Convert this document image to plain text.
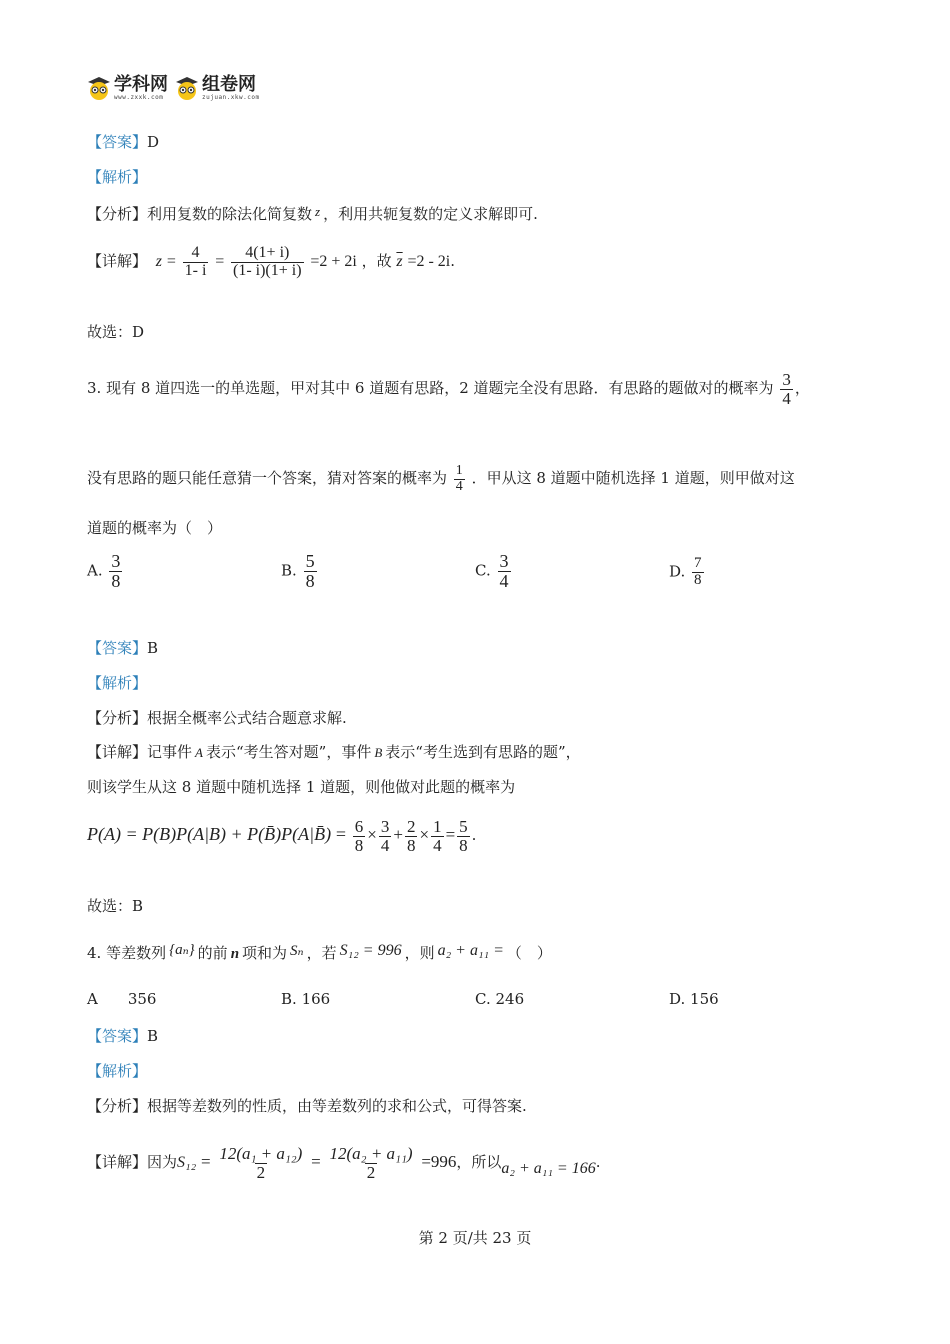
学科网
www.zxxk.com
组卷网
zujuan.xkw.com
【答案】D
【解析】
【分析】利用复数的除法化简复数 z ，利用共轭复数的定义求解即可.
【详解】 $z = \frac{4}{1- i} = \frac{4(1+ i)}{(1- i)(1+ i)} =2 + 2i$ ，故 $\overline{z} =2 - 2i$.
故选：D
3. 现有 8 道四选一的单选题，甲对其中 6 道题有思路，2 道题完全没有思路．有思路的题做对的概率为 $\frac{3}{4}$ ，
没有思路的题只能任意猜一个答案，猜对答案的概率为 $\frac{1}{4}$ ．甲从这 8 道题中随机选择 1 道题，则甲做对这
道题的概率为（　）
A. $\frac{3}{8}$	B. $\frac{5}{8}$	C. $\frac{3}{4}$	D. $\frac{7}{8}$
【答案】B
【解析】
【分析】根据全概率公式结合题意求解.
【详解】记事件 A 表示“考生答对题”，事件 B 表示“考生选到有思路的题”，
则该学生从这 8 道题中随机选择 1 道题，则他做对此题的概率为
P(A) = P(B)P(A|B) + P(B̄)P(A|B̄) = $\frac{6}{8} \times \frac{3}{4} + \frac{2}{8} \times \frac{1}{4} = \frac{5}{8}$ .
故选：B
4. 等差数列 {aₙ} 的前 n 项和为 Sₙ ，若 S₁₂ = 996 ，则 a₂ + a₁₁ = （　）
A 356	B. 166	C. 246	D. 156
【答案】B
【解析】
【分析】根据等差数列的性质，由等差数列的求和公式，可得答案.
【详解】因为$S_{12} = \frac{\text{12(a₁ + a₁₂)}}{2} = \frac{\text{12(a₂ + a₁₁)}}{2} =996$，所以a₂ + a₁₁ = 166.
第 2 页/共 23 页
